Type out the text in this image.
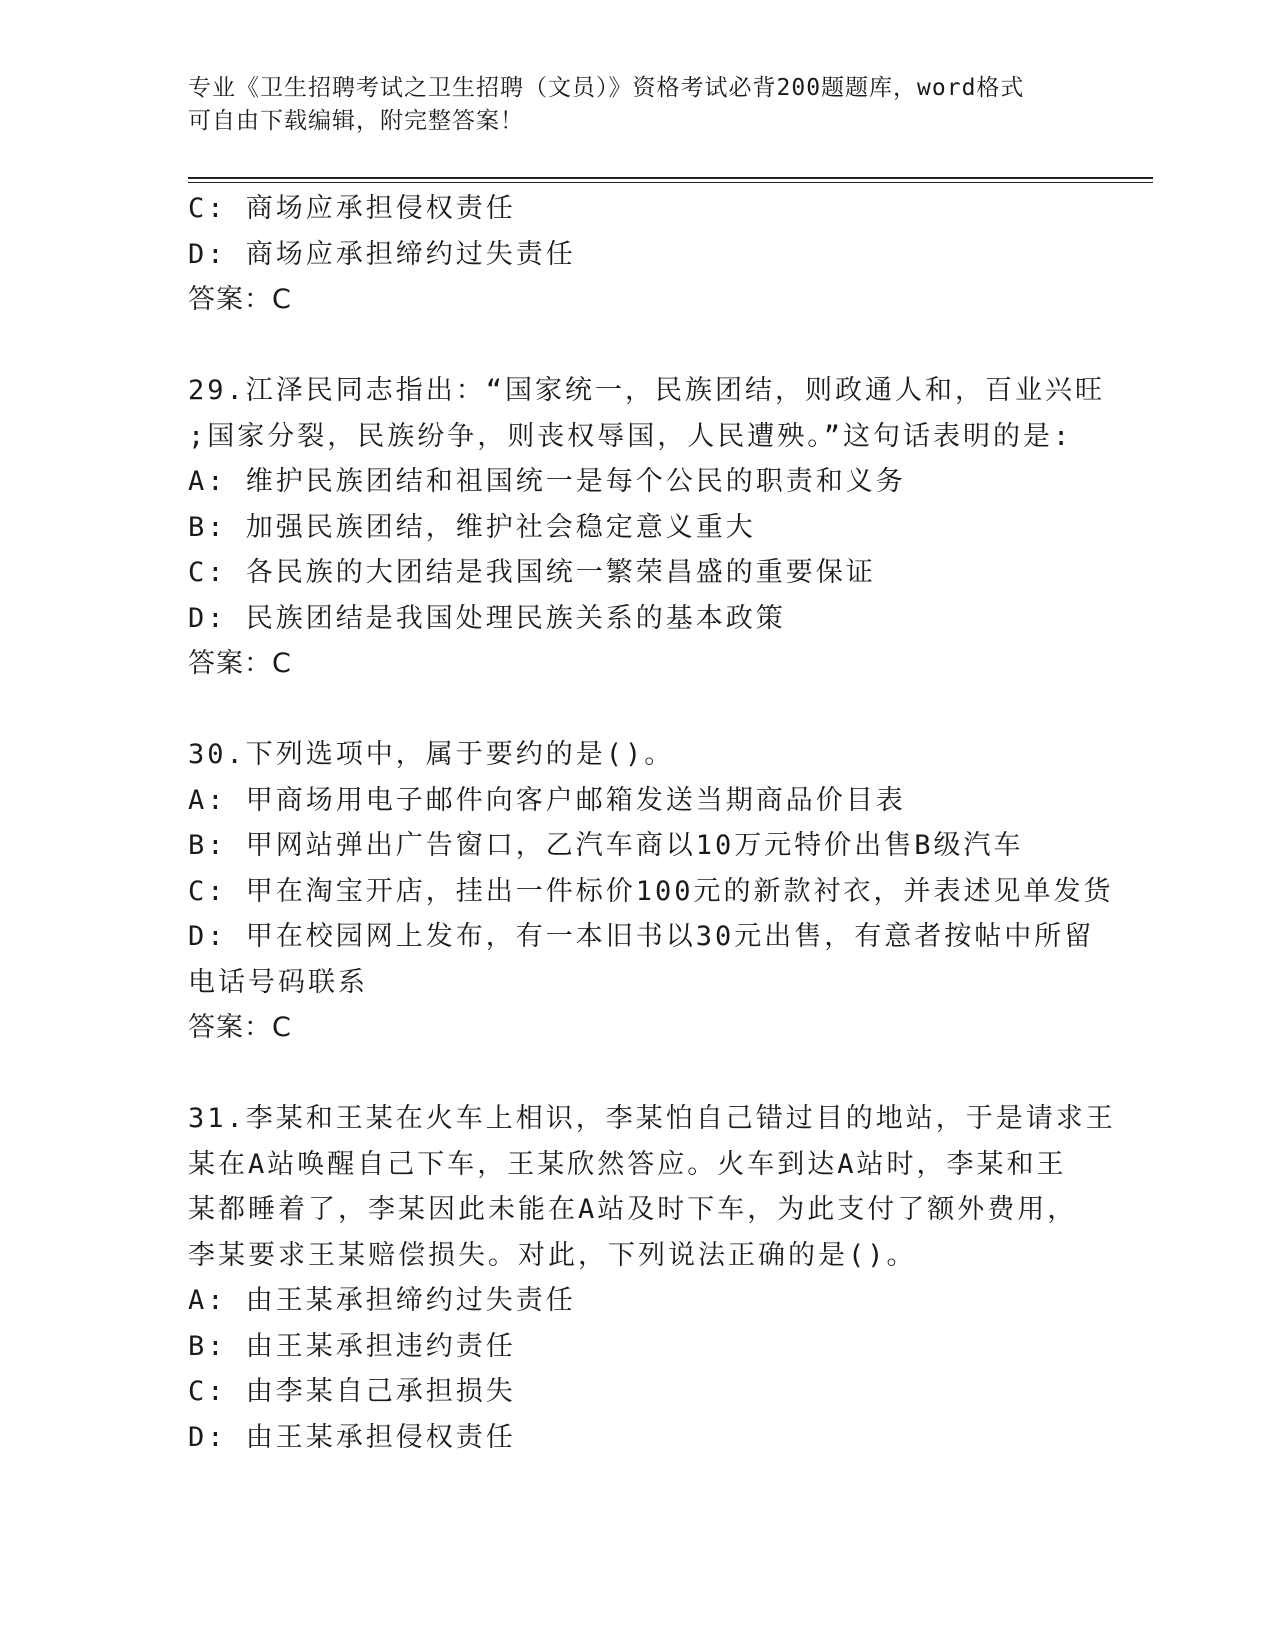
专业《卫生招聘考试之卫生招聘（文员）》资格考试必背200题题库，word格式
可自由下载编辑，附完整答案！
C: 商场应承担侵权责任
D: 商场应承担缔约过失责任
答案：C
29.江泽民同志指出：“国家统一，民族团结，则政通人和，百业兴旺
;国家分裂，民族纷争，则丧权辱国，人民遭殃。”这句话表明的是:
A: 维护民族团结和祖国统一是每个公民的职责和义务
B: 加强民族团结，维护社会稳定意义重大
C: 各民族的大团结是我国统一繁荣昌盛的重要保证
D: 民族团结是我国处理民族关系的基本政策
答案：C
30.下列选项中，属于要约的是()。
A: 甲商场用电子邮件向客户邮箱发送当期商品价目表
B: 甲网站弹出广告窗口，乙汽车商以10万元特价出售B级汽车
C: 甲在淘宝开店，挂出一件标价100元的新款衬衣，并表述见单发货
D: 甲在校园网上发布，有一本旧书以30元出售，有意者按帖中所留
电话号码联系
答案：C
31.李某和王某在火车上相识，李某怕自己错过目的地站，于是请求王
某在A站唤醒自己下车，王某欣然答应。火车到达A站时，李某和王
某都睡着了，李某因此未能在A站及时下车，为此支付了额外费用，
李某要求王某赔偿损失。对此，下列说法正确的是()。
A: 由王某承担缔约过失责任
B: 由王某承担违约责任
C: 由李某自己承担损失
D: 由王某承担侵权责任
